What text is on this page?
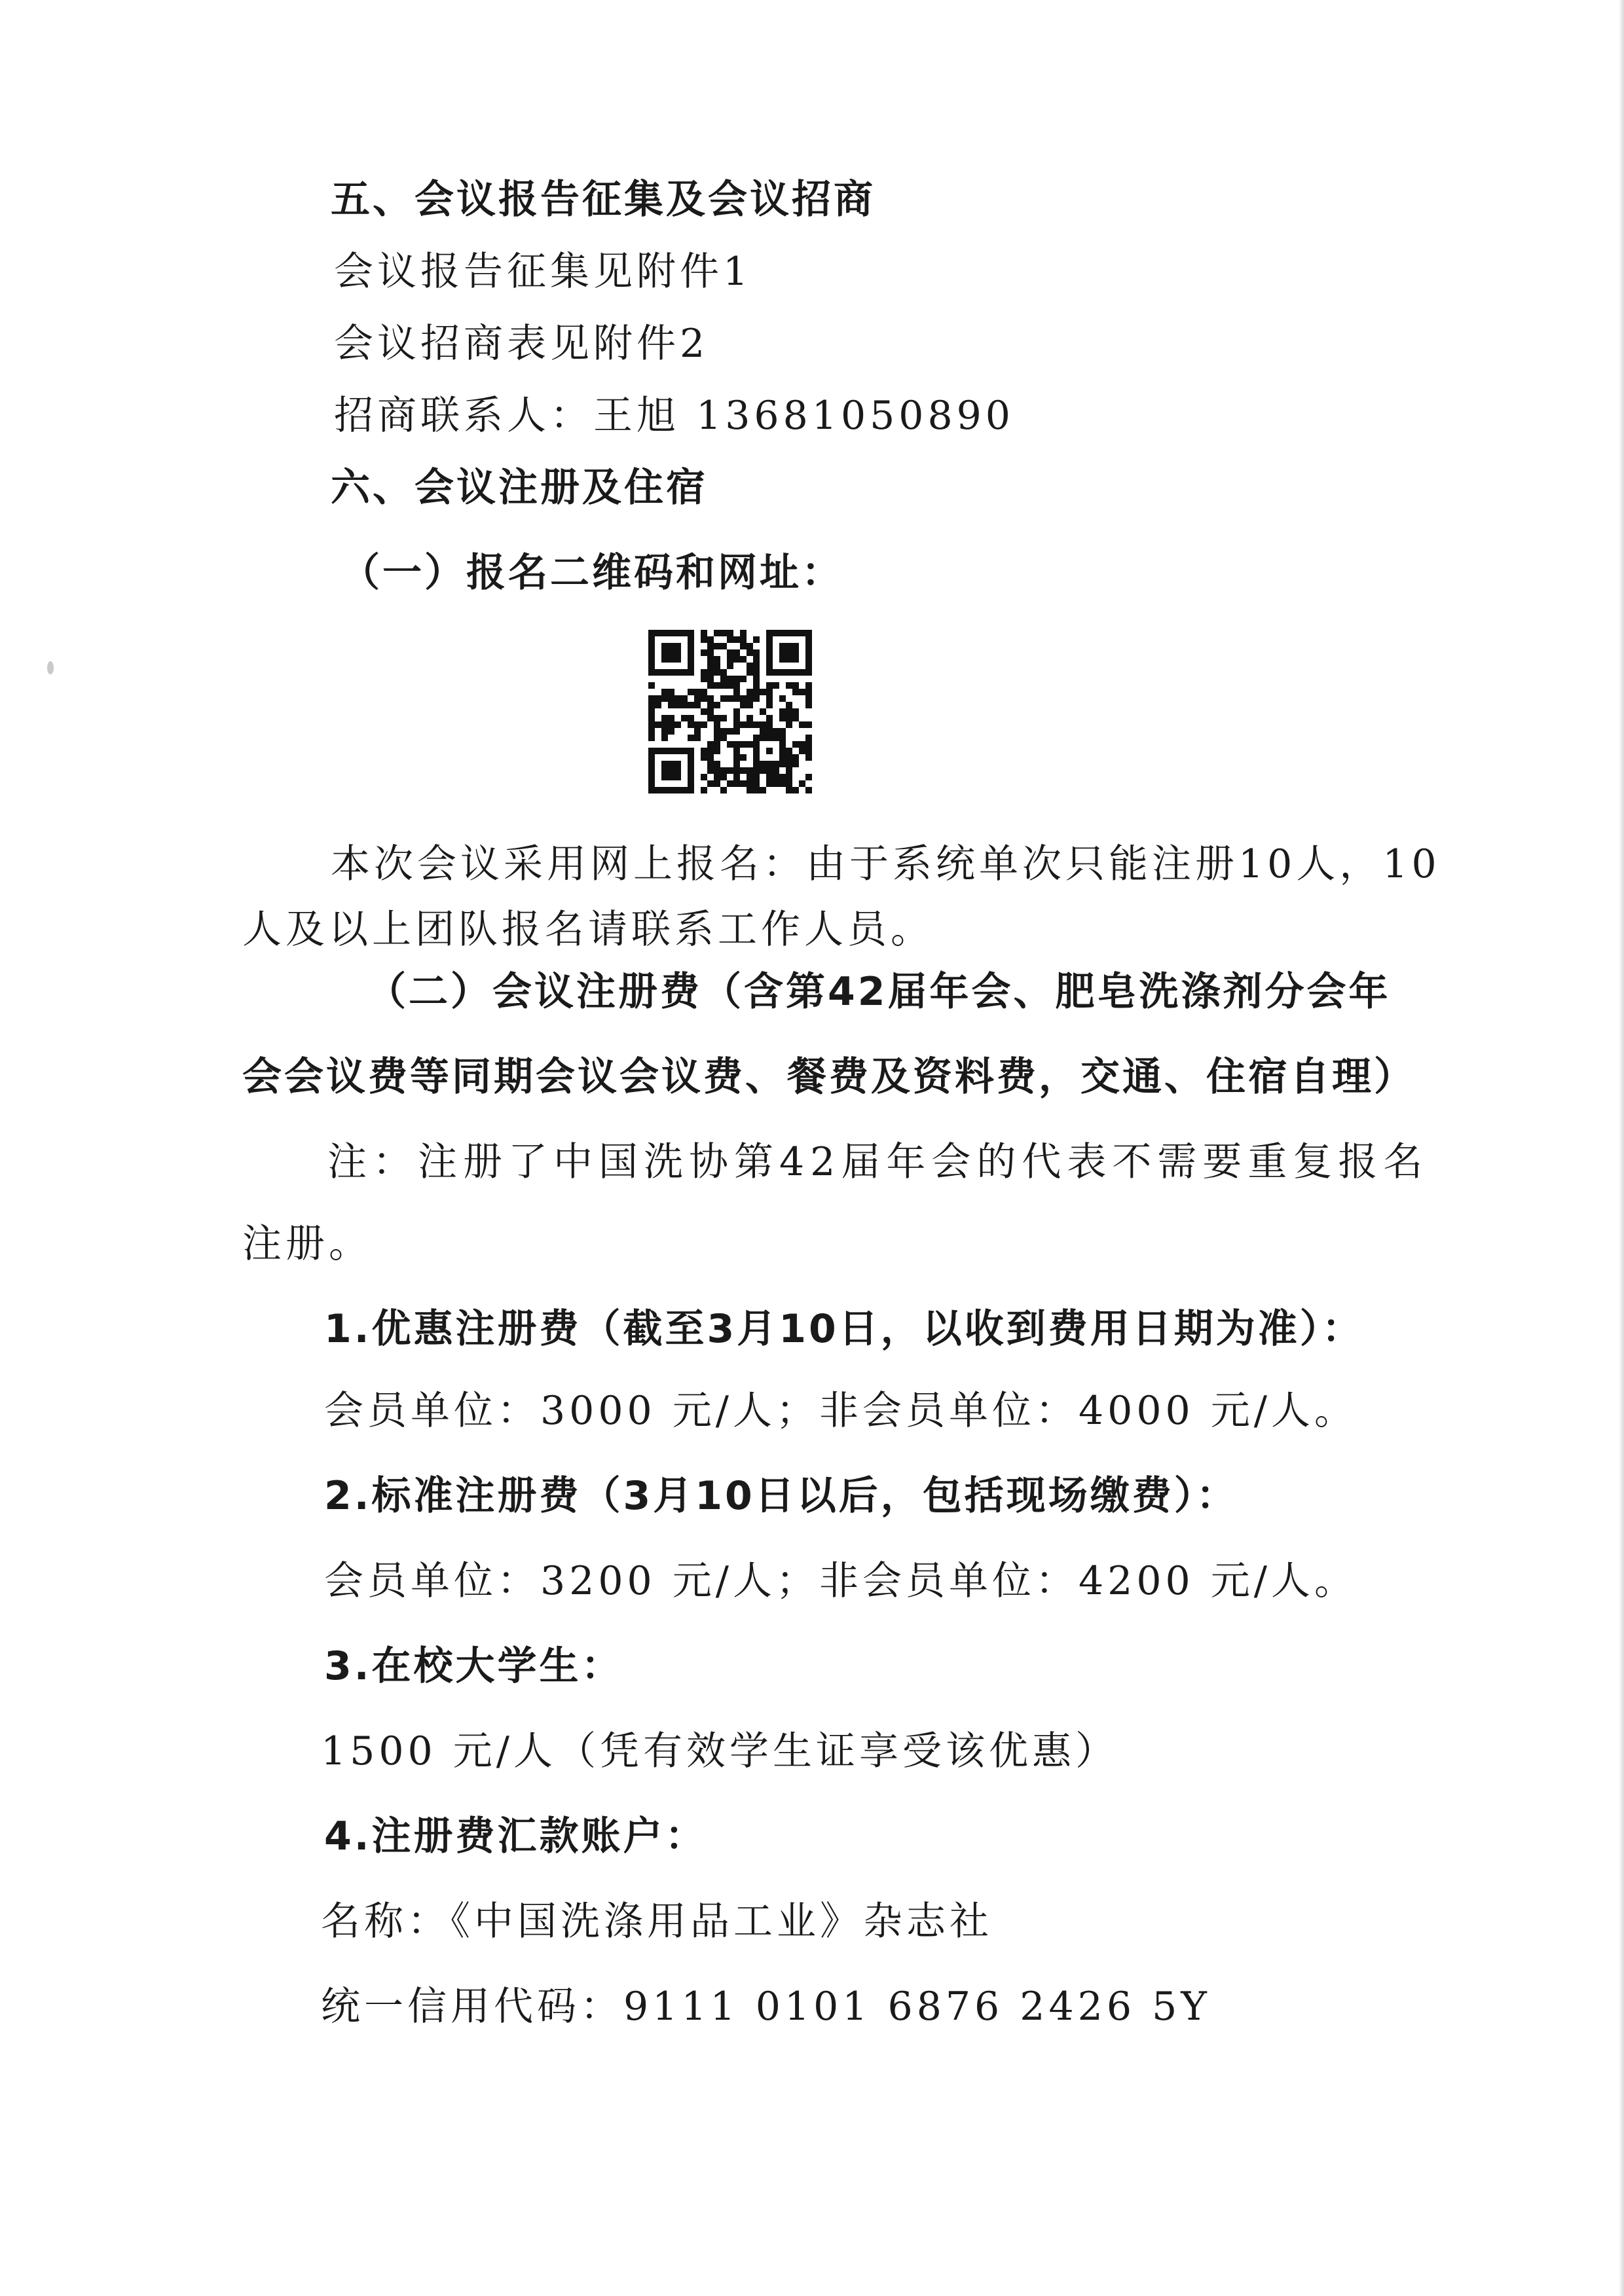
五、会议报告征集及会议招商
会议报告征集见附件1
会议招商表见附件2
招商联系人：王旭 13681050890
六、会议注册及住宿
（一）报名二维码和网址：
本次会议采用网上报名：由于系统单次只能注册10人，10
人及以上团队报名请联系工作人员。
（二）会议注册费（含第42届年会、肥皂洗涤剂分会年
会会议费等同期会议会议费、餐费及资料费，交通、住宿自理）
注：注册了中国洗协第42届年会的代表不需要重复报名
注册。
1.优惠注册费（截至3月10日，以收到费用日期为准）：
会员单位：3000 元/人；非会员单位：4000 元/人。
2.标准注册费（3月10日以后，包括现场缴费）：
会员单位：3200 元/人；非会员单位：4200 元/人。
3.在校大学生：
1500 元/人（凭有效学生证享受该优惠）
4.注册费汇款账户：
名称：《中国洗涤用品工业》杂志社
统一信用代码：9111 0101 6876 2426 5Y
